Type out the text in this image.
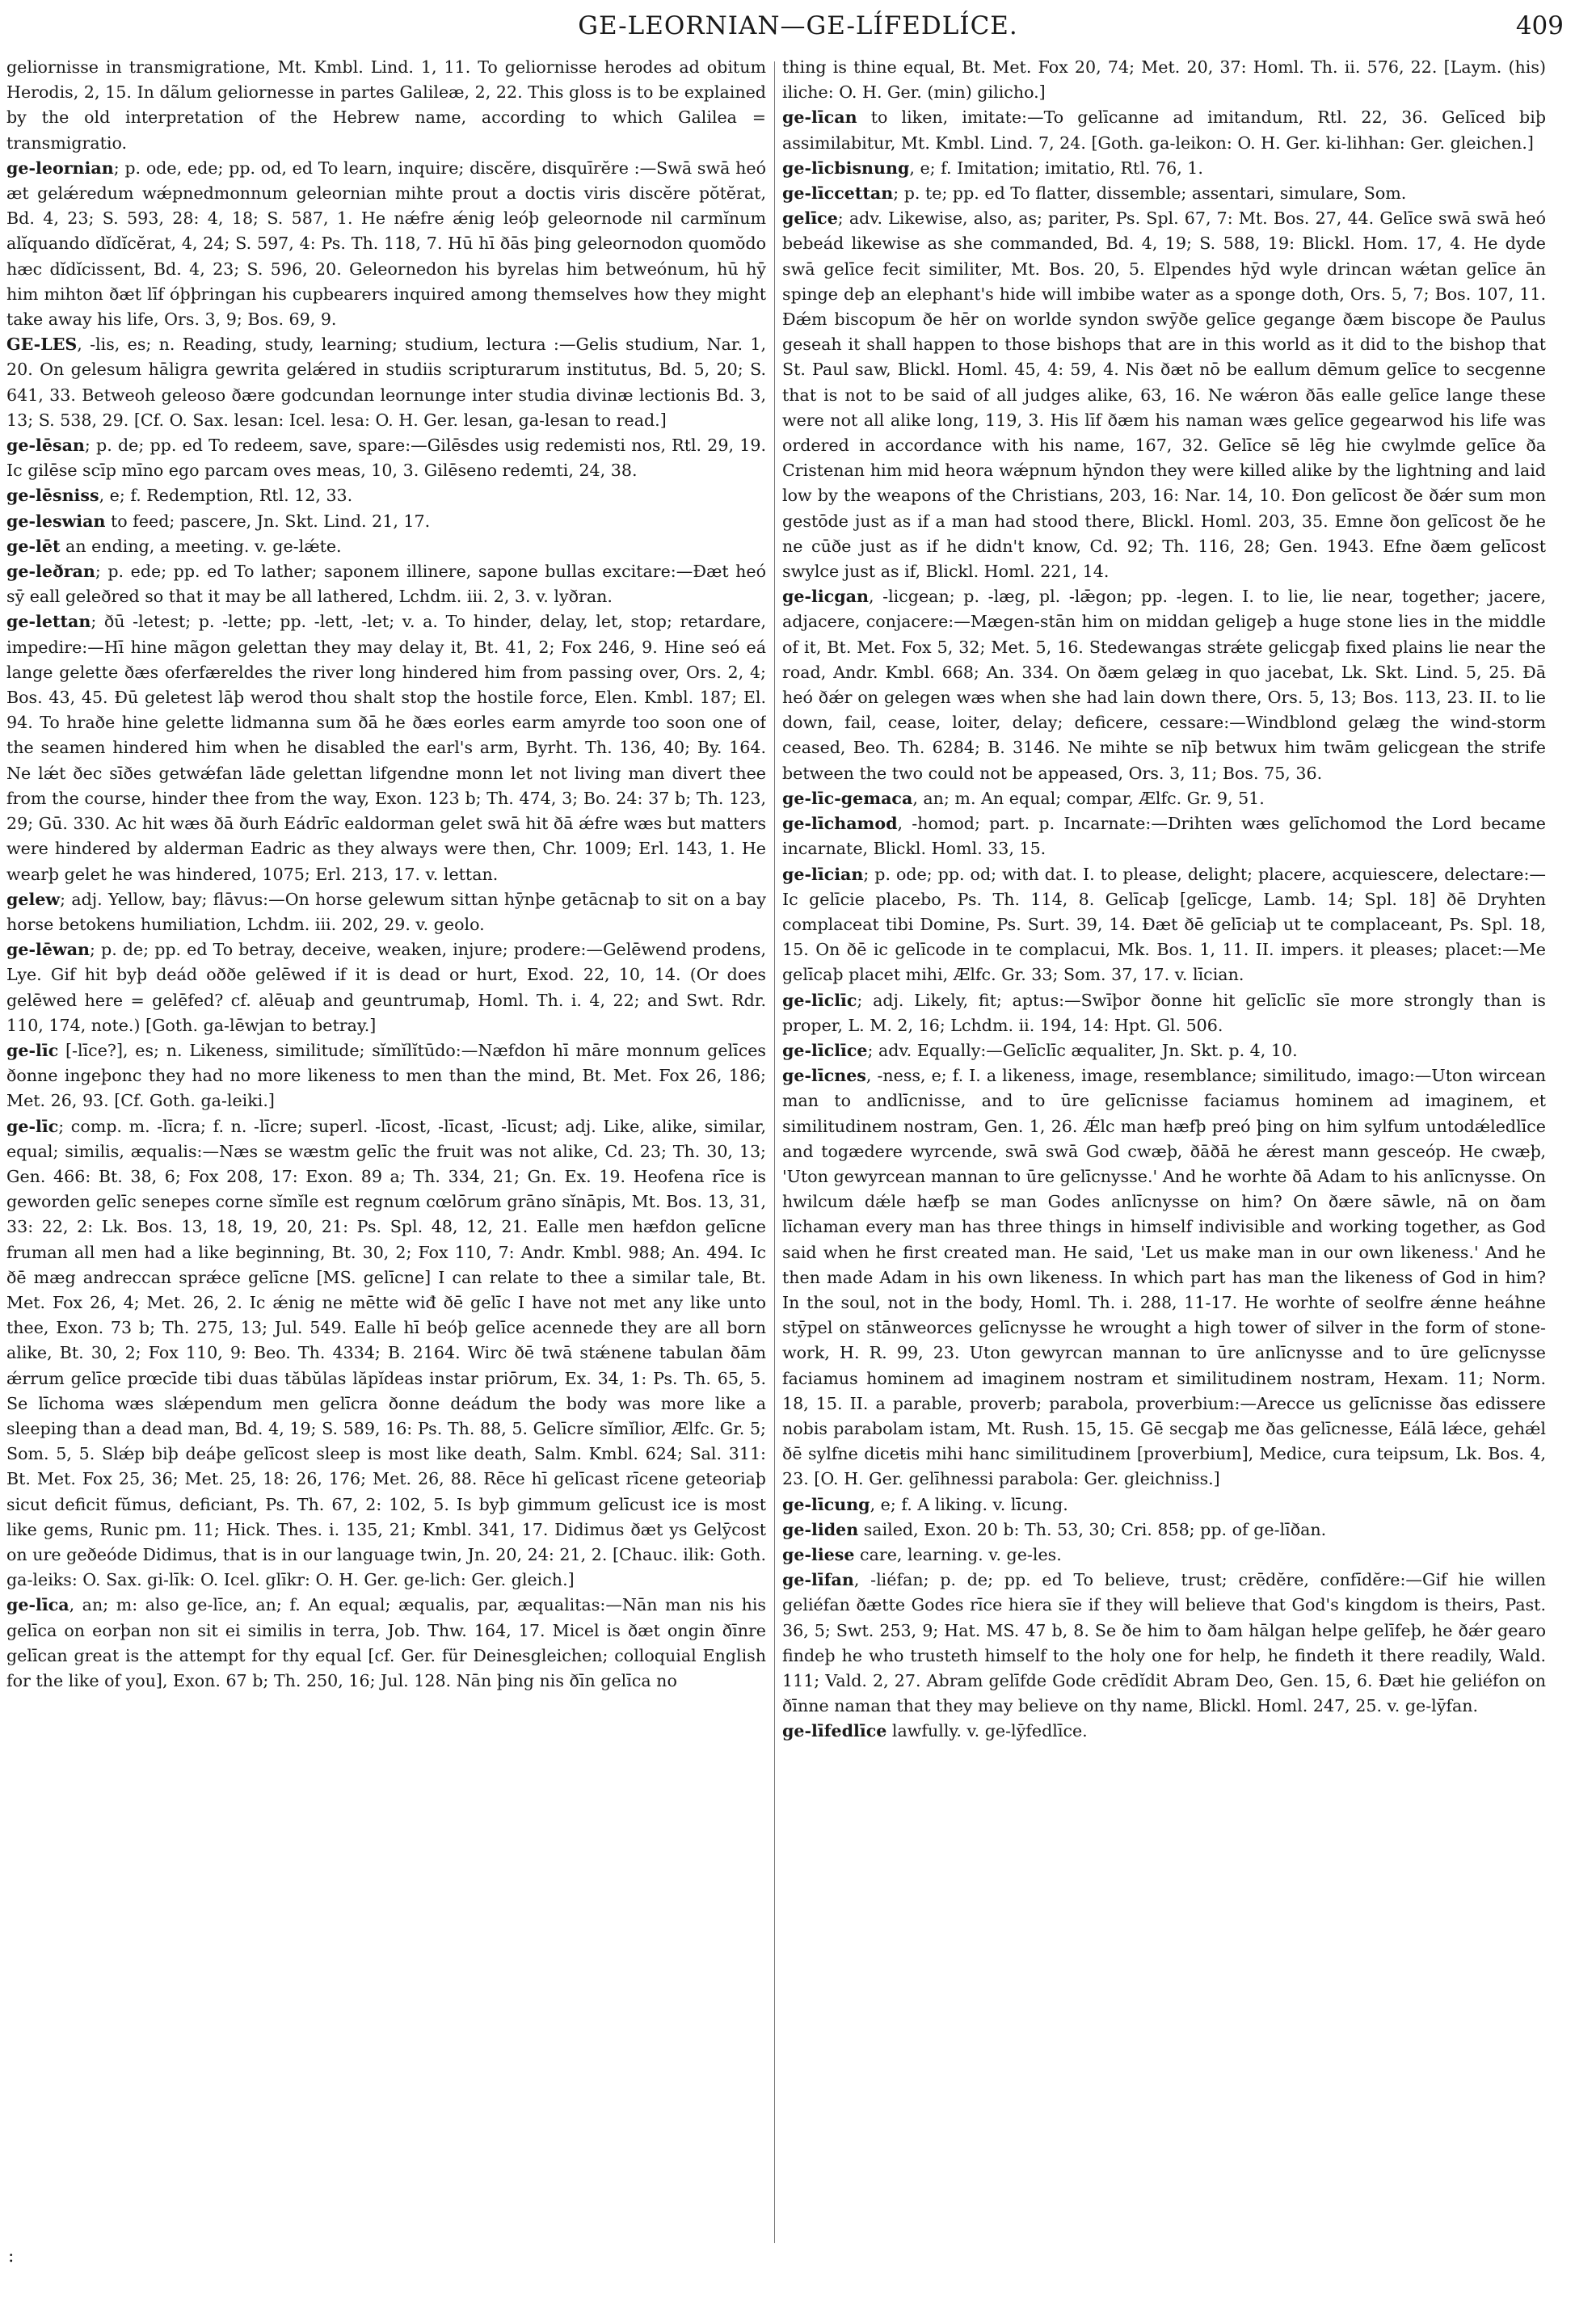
GE-LEORNIAN—GE-LÍFEDLÍCE.	409

geliornisse in transmigratione, Mt. Kmbl. Lind. 1, 11. To geliornisse herodes ad obitum Herodis, 2, 15. In dãlum geliornesse in partes Galileæ, 2, 22. This gloss is to be explained by the old interpretation of the Hebrew name, according to which Galilea = transmigratio.

ge-leornian; p. ode, ede; pp. od, ed To learn, inquire; discĕre, disquīrĕre :—Swā swā heó æt gelǽredum wǽpnedmonnum geleornian mihte prout a doctis viris discĕre pŏtĕrat, Bd. 4, 23; S. 593, 28: 4, 18; S. 587, 1. He nǽfre ǽnig leóþ geleornode nil carmĭnum alĭquando dĭdĭcĕrat, 4, 24; S. 597, 4: Ps. Th. 118, 7. Hū hī ðās þing geleornodon quomŏdo hæc dĭdĭcissent, Bd. 4, 23; S. 596, 20. Geleornedon his byrelas him betweónum, hū hȳ him mihton ðæt līf óþþringan his cupbearers inquired among themselves how they might take away his life, Ors. 3, 9; Bos. 69, 9.

GE-LES, -lis, es; n. Reading, study, learning; studium, lectura :—Gelis studium, Nar. 1, 20. On gelesum hāligra gewrita gelǽred in studiis scripturarum institutus, Bd. 5, 20; S. 641, 33. Betweoh geleoso ðære godcundan leornunge inter studia divinæ lectionis Bd. 3, 13; S. 538, 29. [Cf. O. Sax. lesan: Icel. lesa: O. H. Ger. lesan, ga-lesan to read.]

ge-lēsan; p. de; pp. ed To redeem, save, spare:—Gilēsdes usig redemisti nos, Rtl. 29, 19. Ic gilēse scīp mīno ego parcam oves meas, 10, 3. Gilēseno redemti, 24, 38.

ge-lēsniss, e; f. Redemption, Rtl. 12, 33.

ge-leswian to feed; pascere, Jn. Skt. Lind. 21, 17.

ge-lēt an ending, a meeting. v. ge-lǽte.

ge-leðran; p. ede; pp. ed To lather; saponem illinere, sapone bullas excitare:—Ðæt heó sȳ eall geleðred so that it may be all lathered, Lchdm. iii. 2, 3. v. lyðran.

ge-lettan; ðū -letest; p. -lette; pp. -lett, -let; v. a. To hinder, delay, let, stop; retardare, impedire:—Hī hine mãgon gelettan they may delay it, Bt. 41, 2; Fox 246, 9. Hine seó eá lange gelette ðæs oferfæreldes the river long hindered him from passing over, Ors. 2, 4; Bos. 43, 45. Ðū geletest lāþ werod thou shalt stop the hostile force, Elen. Kmbl. 187; El. 94. To hraðe hine gelette lidmanna sum ðā he ðæs eorles earm amyrde too soon one of the seamen hindered him when he disabled the earl's arm, Byrht. Th. 136, 40; By. 164. Ne lǽt ðec sīðes getwǽfan lāde gelettan lifgendne monn let not living man divert thee from the course, hinder thee from the way, Exon. 123 b; Th. 474, 3; Bo. 24: 37 b; Th. 123, 29; Gū. 330. Ac hit wæs ðā ðurh Eádrīc ealdorman gelet swā hit ðā ǽfre wæs but matters were hindered by alderman Eadric as they always were then, Chr. 1009; Erl. 143, 1. He wearþ gelet he was hindered, 1075; Erl. 213, 17. v. lettan.

gelew; adj. Yellow, bay; flāvus:—On horse gelewum sittan hȳnþe getācnaþ to sit on a bay horse betokens humiliation, Lchdm. iii. 202, 29. v. geolo.

ge-lēwan; p. de; pp. ed To betray, deceive, weaken, injure; prodere:—Gelēwend prodens, Lye. Gif hit byþ deád oððe gelēwed if it is dead or hurt, Exod. 22, 10, 14. (Or does gelēwed here = gelēfed? cf. alēuaþ and geuntrumaþ, Homl. Th. i. 4, 22; and Swt. Rdr. 110, 174, note.) [Goth. ga-lēwjan to betray.]

ge-līc [-līce?], es; n. Likeness, similitude; sĭmĭlĭtūdo:—Næfdon hī māre monnum gelīces ðonne ingeþonc they had no more likeness to men than the mind, Bt. Met. Fox 26, 186; Met. 26, 93. [Cf. Goth. ga-leiki.]

ge-līc; comp. m. -līcra; f. n. -līcre; superl. -līcost, -līcast, -līcust; adj. Like, alike, similar, equal; similis, æqualis:—Næs se wæstm gelīc the fruit was not alike, Cd. 23; Th. 30, 13; Gen. 466: Bt. 38, 6; Fox 208, 17: Exon. 89 a; Th. 334, 21; Gn. Ex. 19. Heofena rīce is geworden gelīc senepes corne sĭmĭle est regnum cœlōrum grāno sĭnāpis, Mt. Bos. 13, 31, 33: 22, 2: Lk. Bos. 13, 18, 19, 20, 21: Ps. Spl. 48, 12, 21. Ealle men hæfdon gelīcne fruman all men had a like beginning, Bt. 30, 2; Fox 110, 7: Andr. Kmbl. 988; An. 494. Ic ðē mæg andreccan sprǽce gelīcne [MS. gelīcne] I can relate to thee a similar tale, Bt. Met. Fox 26, 4; Met. 26, 2. Ic ǽnig ne mētte wiđ ðē gelīc I have not met any like unto thee, Exon. 73 b; Th. 275, 13; Jul. 549. Ealle hī beóþ gelīce acennede they are all born alike, Bt. 30, 2; Fox 110, 9: Beo. Th. 4334; B. 2164. Wirc ðē twā stǽnene tabulan ðām ǽrrum gelīce prœcīde tibi duas tăbŭlas lăpĭdeas instar priōrum, Ex. 34, 1: Ps. Th. 65, 5. Se līchoma wæs slǽpendum men gelīcra ðonne deádum the body was more like a sleeping than a dead man, Bd. 4, 19; S. 589, 16: Ps. Th. 88, 5. Gelīcre sĭmĭlior, Ælfc. Gr. 5; Som. 5, 5. Slǽp biþ deáþe gelīcost sleep is most like death, Salm. Kmbl. 624; Sal. 311: Bt. Met. Fox 25, 36; Met. 25, 18: 26, 176; Met. 26, 88. Rēce hī gelīcast rīcene geteoriaþ sicut deficit fŭmus, deficiant, Ps. Th. 67, 2: 102, 5. Is byþ gimmum gelīcust ice is most like gems, Runic pm. 11; Hick. Thes. i. 135, 21; Kmbl. 341, 17. Didimus ðæt ys Gelȳcost on ure geðeóde Didimus, that is in our language twin, Jn. 20, 24: 21, 2. [Chauc. ilik: Goth. ga-leiks: O. Sax. gi-līk: O. Icel. glīkr: O. H. Ger. ge-lich: Ger. gleich.]

ge-līca, an; m: also ge-līce, an; f. An equal; æqualis, par, æqualitas:—Nān man nis his gelīca on eorþan non sit ei similis in terra, Job. Thw. 164, 17. Micel is ðæt ongin ðīnre gelīcan great is the attempt for thy equal [cf. Ger. für Deinesgleichen; colloquial English for the like of you], Exon. 67 b; Th. 250, 16; Jul. 128. Nān þing nis ðīn gelīca no

thing is thine equal, Bt. Met. Fox 20, 74; Met. 20, 37: Homl. Th. ii. 576, 22. [Laym. (his) iliche: O. H. Ger. (min) gilicho.]

ge-līcan to liken, imitate:—To gelīcanne ad imitandum, Rtl. 22, 36. Gelīced biþ assimilabitur, Mt. Kmbl. Lind. 7, 24. [Goth. ga-leikon: O. H. Ger. ki-lihhan: Ger. gleichen.]

ge-līcbisnung, e; f. Imitation; imitatio, Rtl. 76, 1.

ge-līccettan; p. te; pp. ed To flatter, dissemble; assentari, simulare, Som.

gelīce; adv. Likewise, also, as; pariter, Ps. Spl. 67, 7: Mt. Bos. 27, 44. Gelīce swā swā heó bebeád likewise as she commanded, Bd. 4, 19; S. 588, 19: Blickl. Hom. 17, 4. He dyde swā gelīce fecit similiter, Mt. Bos. 20, 5. Elpendes hȳd wyle drincan wǽtan gelīce ān spinge deþ an elephant's hide will imbibe water as a sponge doth, Ors. 5, 7; Bos. 107, 11. Ðǽm biscopum ðe hēr on worlde syndon swȳðe gelīce gegange ðæm biscope ðe Paulus geseah it shall happen to those bishops that are in this world as it did to the bishop that St. Paul saw, Blickl. Homl. 45, 4: 59, 4. Nis ðæt nō be eallum dēmum gelīce to secgenne that is not to be said of all judges alike, 63, 16. Ne wǽron ðās ealle gelīce lange these were not all alike long, 119, 3. His līf ðæm his naman wæs gelīce gegearwod his life was ordered in accordance with his name, 167, 32. Gelīce sē lēg hie cwylmde gelīce ða Cristenan him mid heora wǽpnum hȳndon they were killed alike by the lightning and laid low by the weapons of the Christians, 203, 16: Nar. 14, 10. Ðon gelīcost ðe ðǽr sum mon gestōde just as if a man had stood there, Blickl. Homl. 203, 35. Emne ðon gelīcost ðe he ne cūðe just as if he didn't know, Cd. 92; Th. 116, 28; Gen. 1943. Efne ðæm gelīcost swylce just as if, Blickl. Homl. 221, 14.

ge-licgan, -licgean; p. -læg, pl. -lǣgon; pp. -legen. I. to lie, lie near, together; jacere, adjacere, conjacere:—Mægen-stān him on middan geligeþ a huge stone lies in the middle of it, Bt. Met. Fox 5, 32; Met. 5, 16. Stedewangas strǽte gelicgaþ fixed plains lie near the road, Andr. Kmbl. 668; An. 334. On ðæm gelæg in quo jacebat, Lk. Skt. Lind. 5, 25. Ðā heó ðǽr on gelegen wæs when she had lain down there, Ors. 5, 13; Bos. 113, 23. II. to lie down, fail, cease, loiter, delay; deficere, cessare:—Windblond gelæg the wind-storm ceased, Beo. Th. 6284; B. 3146. Ne mihte se nīþ betwux him twām gelicgean the strife between the two could not be appeased, Ors. 3, 11; Bos. 75, 36.

ge-līc-gemaca, an; m. An equal; compar, Ælfc. Gr. 9, 51.

ge-līchamod, -homod; part. p. Incarnate:—Drihten wæs gelīchomod the Lord became incarnate, Blickl. Homl. 33, 15.

ge-līcian; p. ode; pp. od; with dat. I. to please, delight; placere, acquiescere, delectare:—Ic gelīcie placebo, Ps. Th. 114, 8. Gelīcaþ [gelīcge, Lamb. 14; Spl. 18] ðē Dryhten complaceat tibi Domine, Ps. Surt. 39, 14. Ðæt ðē gelīciaþ ut te complaceant, Ps. Spl. 18, 15. On ðē ic gelīcode in te complacui, Mk. Bos. 1, 11. II. impers. it pleases; placet:—Me gelīcaþ placet mihi, Ælfc. Gr. 33; Som. 37, 17. v. līcian.

ge-līclīc; adj. Likely, fit; aptus:—Swīþor ðonne hit gelīclīc sīe more strongly than is proper, L. M. 2, 16; Lchdm. ii. 194, 14: Hpt. Gl. 506.

ge-līclīce; adv. Equally:—Gelīclīc æqualiter, Jn. Skt. p. 4, 10.

ge-līcnes, -ness, e; f. I. a likeness, image, resemblance; similitudo, imago:—Uton wircean man to andlīcnisse, and to ūre gelīcnisse faciamus hominem ad imaginem, et similitudinem nostram, Gen. 1, 26. Ǽlc man hæfþ preó þing on him sylfum untodǽledlīce and togædere wyrcende, swā swā God cwæþ, ðāðā he ǽrest mann gesceóp. He cwæþ, 'Uton gewyrcean mannan to ūre gelīcnysse.' And he worhte ðā Adam to his anlīcnysse. On hwilcum dǽle hæfþ se man Godes anlīcnysse on him? On ðære sāwle, nā on ðam līchaman every man has three things in himself indivisible and working together, as God said when he first created man. He said, 'Let us make man in our own likeness.' And he then made Adam in his own likeness. In which part has man the likeness of God in him? In the soul, not in the body, Homl. Th. i. 288, 11-17. He worhte of seolfre ǽnne heáhne stȳpel on stānweorces gelīcnysse he wrought a high tower of silver in the form of stone-work, H. R. 99, 23. Uton gewyrcan mannan to ūre anlīcnysse and to ūre gelīcnysse faciamus hominem ad imaginem nostram et similitudinem nostram, Hexam. 11; Norm. 18, 15. II. a parable, proverb; parabola, proverbium:—Arecce us gelīcnisse ðas edissere nobis parabolam istam, Mt. Rush. 15, 15. Gē secgaþ me ðas gelīcnesse, Eálā lǽce, gehǽl ðē sylfne diceŧis mihi hanc similitudinem [proverbium], Medice, cura teipsum, Lk. Bos. 4, 23. [O. H. Ger. gelīhnessi parabola: Ger. gleichniss.]

ge-līcung, e; f. A liking. v. līcung.

ge-liden sailed, Exon. 20 b: Th. 53, 30; Cri. 858; pp. of ge-līðan.

ge-liese care, learning. v. ge-les.

ge-līfan, -liéfan; p. de; pp. ed To believe, trust; crēdĕre, confīdĕre:—Gif hie willen geliéfan ðætte Godes rīce hiera sīe if they will believe that God's kingdom is theirs, Past. 36, 5; Swt. 253, 9; Hat. MS. 47 b, 8. Se ðe him to ðam hālgan helpe gelīfeþ, he ðǽr gearo findeþ he who trusteth himself to the holy one for help, he findeth it there readily, Wald. 111; Vald. 2, 27. Abram gelīfde Gode crēdĭdit Abram Deo, Gen. 15, 6. Ðæt hie geliéfon on ðīnne naman that they may believe on thy name, Blickl. Homl. 247, 25. v. ge-lȳfan.

ge-līfedlīce lawfully. v. ge-lȳfedlīce.

:
